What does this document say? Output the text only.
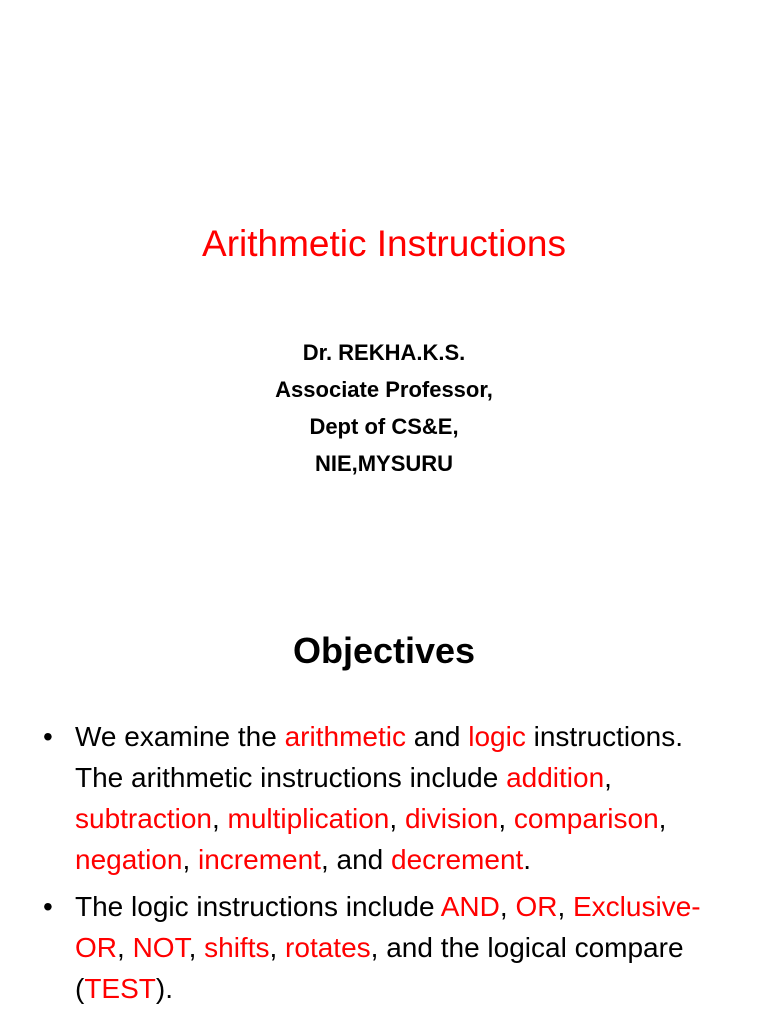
Arithmetic Instructions
Dr. REKHA.K.S.
Associate Professor,
Dept of CS&E,
NIE,MYSURU
Objectives
• We examine the arithmetic and logic instructions. The arithmetic instructions include addition, subtraction, multiplication, division, comparison, negation, increment, and decrement.
• The logic instructions include AND, OR, Exclusive-OR, NOT, shifts, rotates, and the logical compare (TEST).
